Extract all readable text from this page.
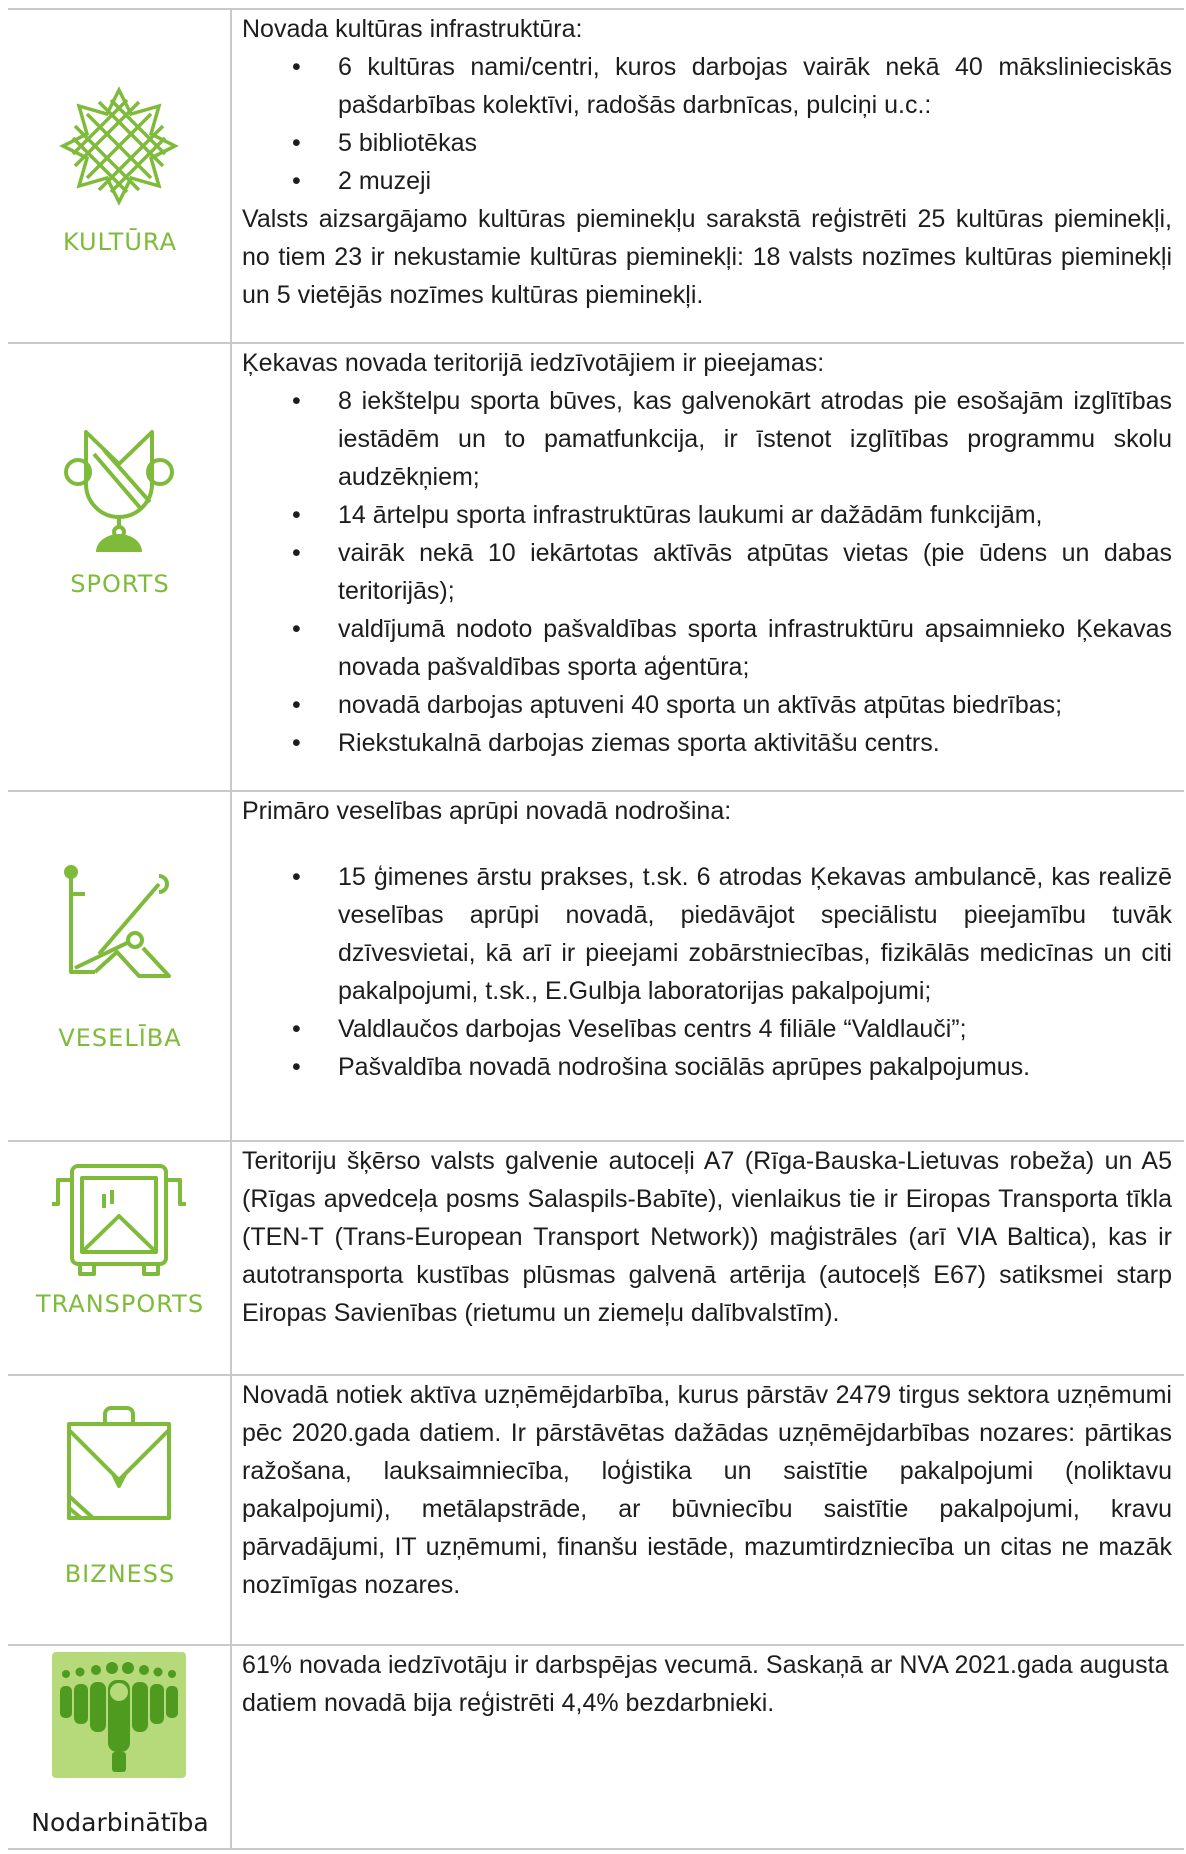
KULTŪRA

Novada kultūras infrastruktūra:

• 6 kultūras nami/centri, kuros darbojas vairāk nekā 40 mākslinieciskās pašdarbības kolektīvi, radošās darbnīcas, pulciņi u.c.:
• 5 bibliotēkas
• 2 muzeji

Valsts aizsargājamo kultūras pieminekļu sarakstā reģistrēti 25 kultūras pieminekļi, no tiem 23 ir nekustamie kultūras pieminekļi: 18 valsts nozīmes kultūras pieminekļi un 5 vietējās nozīmes kultūras pieminekļi.

SPORTS

Ķekavas novada teritorijā iedzīvotājiem ir pieejamas:

• 8 iekštelpu sporta būves, kas galvenokārt atrodas pie esošajām izglītības iestādēm un to pamatfunkcija, ir īstenot izglītības programmu skolu audzēkņiem;
• 14 ārtelpu sporta infrastruktūras laukumi ar dažādām funkcijām,
• vairāk nekā 10 iekārtotas aktīvās atpūtas vietas (pie ūdens un dabas teritorijās);
• valdījumā nodoto pašvaldības sporta infrastruktūru apsaimnieko Ķekavas novada pašvaldības sporta aģentūra;
• novadā darbojas aptuveni 40 sporta un aktīvās atpūtas biedrības;
• Riekstukalnā darbojas ziemas sporta aktivitāšu centrs.
VESELĪBA

Primāro veselības aprūpi novadā nodrošina:

• 15 ģimenes ārstu prakses, t.sk. 6 atrodas Ķekavas ambulancē, kas realizē veselības aprūpi novadā, piedāvājot speciālistu pieejamību tuvāk dzīvesvietai, kā arī ir pieejami zobārstniecības, fizikālās medicīnas un citi pakalpojumi, t.sk., E.Gulbja laboratorijas pakalpojumi;
• Valdlaučos darbojas Veselības centrs 4 filiāle “Valdlauči”;
• Pašvaldība novadā nodrošina sociālās aprūpes pakalpojumus.
TRANSPORTS

Teritoriju šķērso valsts galvenie autoceļi A7 (Rīga-Bauska-Lietuvas robeža) un A5 (Rīgas apvedceļa posms Salaspils-Babīte), vienlaikus tie ir Eiropas Transporta tīkla (TEN-T (Trans-European Transport Network)) maģistrāles (arī VIA Baltica), kas ir autotransporta kustības plūsmas galvenā artērija (autoceļš E67) satiksmei starp Eiropas Savienības (rietumu un ziemeļu dalībvalstīm).

BIZNESS

Novadā notiek aktīva uzņēmējdarbība, kurus pārstāv 2479 tirgus sektora uzņēmumi pēc 2020.gada datiem. Ir pārstāvētas dažādas uzņēmējdarbības nozares: pārtikas ražošana, lauksaimniecība, loģistika un saistītie pakalpojumi (noliktavu pakalpojumi), metālapstrāde, ar būvniecību saistītie pakalpojumi, kravu pārvadājumi, IT uzņēmumi, finanšu iestāde, mazumtirdzniecība un citas ne mazāk nozīmīgas nozares.

Nodarbinātība

61% novada iedzīvotāju ir darbspējas vecumā. Saskaņā ar NVA 2021.gada augusta datiem novadā bija reģistrēti 4,4% bezdarbnieki.
